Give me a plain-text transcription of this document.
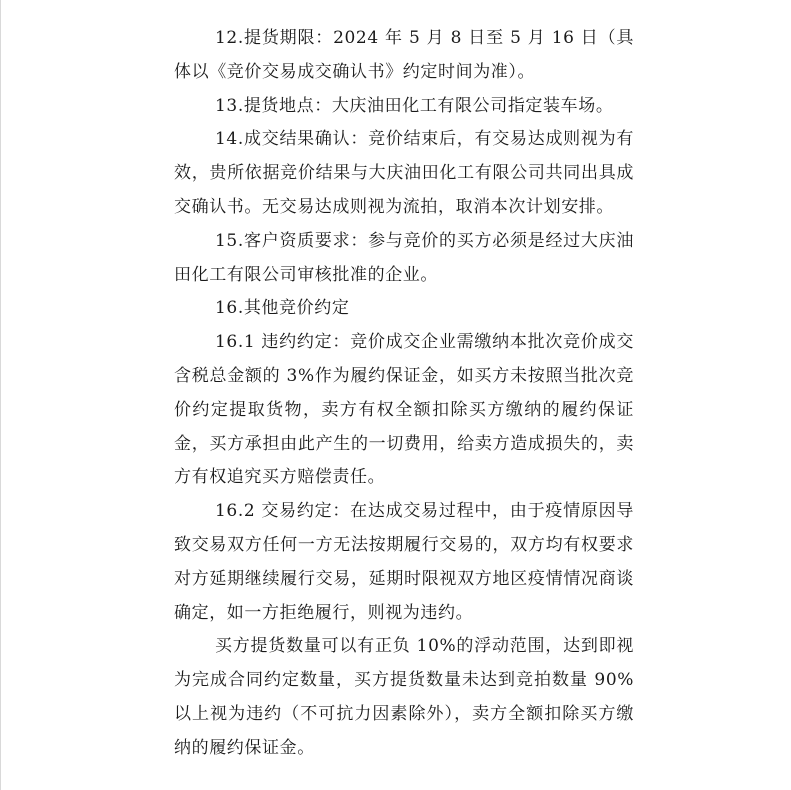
12.提货期限：2024 年 5 月 8 日至 5 月 16 日（具体以《竞价交易成交确认书》约定时间为准）。

13.提货地点：大庆油田化工有限公司指定装车场。

14.成交结果确认：竞价结束后，有交易达成则视为有效，贵所依据竞价结果与大庆油田化工有限公司共同出具成交确认书。无交易达成则视为流拍，取消本次计划安排。

15.客户资质要求：参与竞价的买方必须是经过大庆油田化工有限公司审核批准的企业。

16.其他竞价约定

16.1 违约约定：竞价成交企业需缴纳本批次竞价成交含税总金额的 3%作为履约保证金，如买方未按照当批次竞价约定提取货物，卖方有权全额扣除买方缴纳的履约保证金，买方承担由此产生的一切费用，给卖方造成损失的，卖方有权追究买方赔偿责任。

16.2 交易约定：在达成交易过程中，由于疫情原因导致交易双方任何一方无法按期履行交易的，双方均有权要求对方延期继续履行交易，延期时限视双方地区疫情情况商谈确定，如一方拒绝履行，则视为违约。

买方提货数量可以有正负 10%的浮动范围，达到即视为完成合同约定数量，买方提货数量未达到竞拍数量 90%以上视为违约（不可抗力因素除外），卖方全额扣除买方缴纳的履约保证金。
